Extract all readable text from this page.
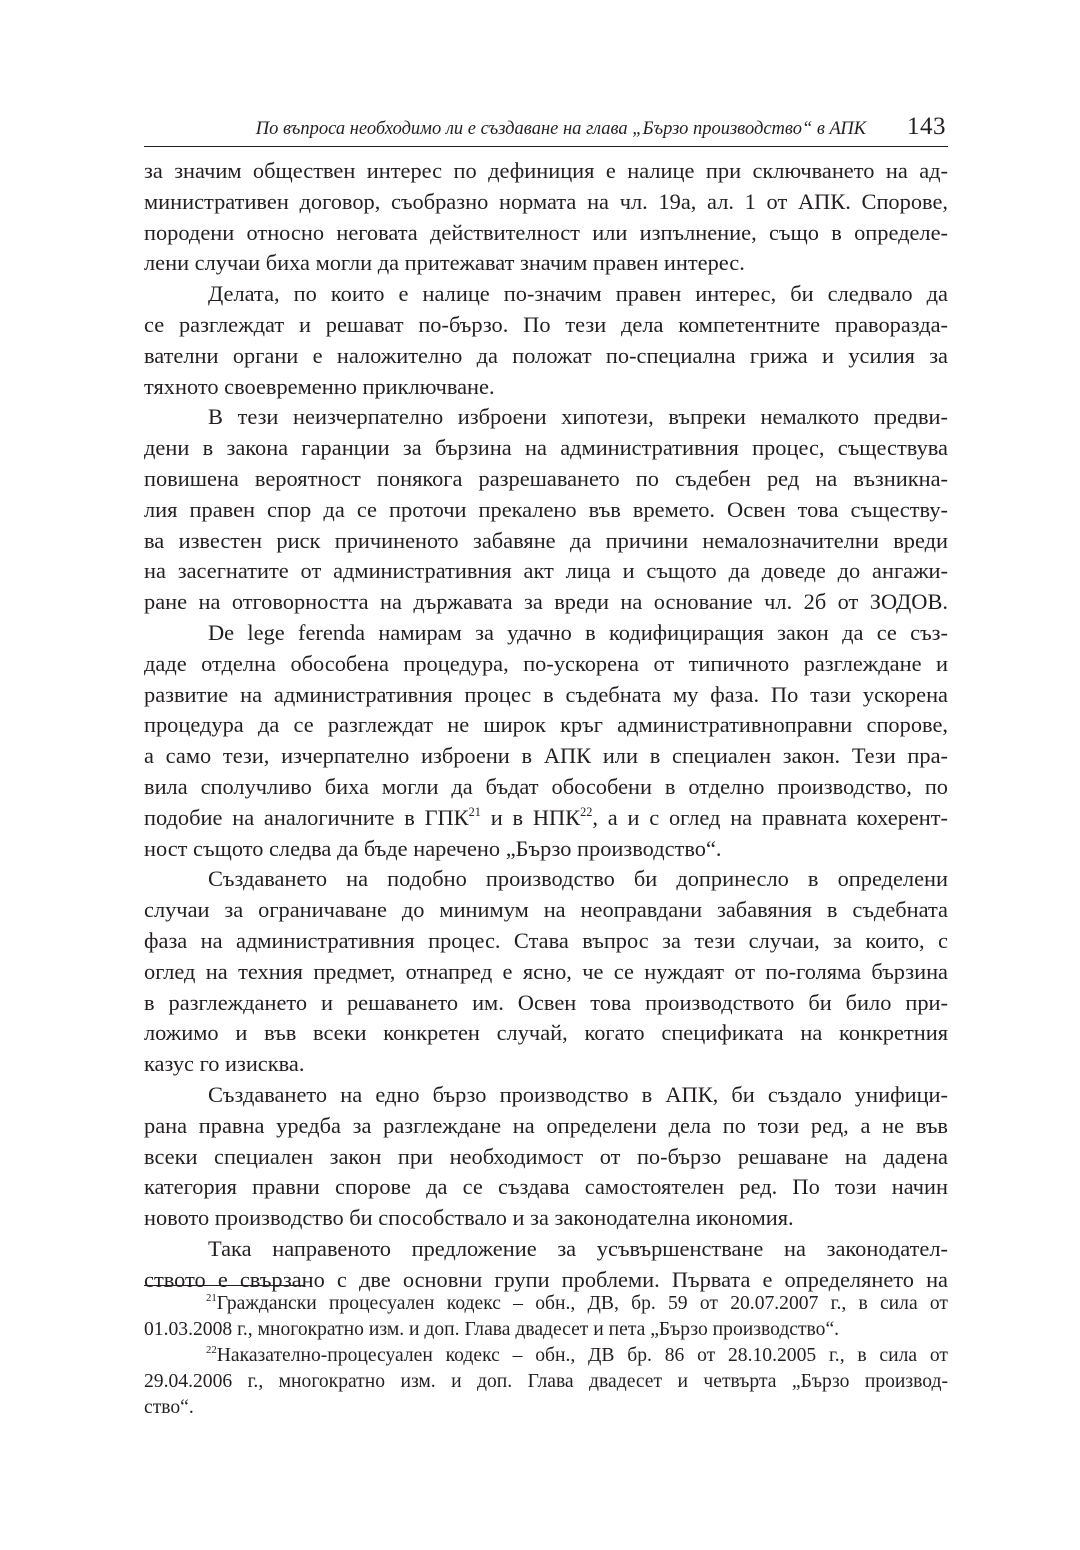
По въпроса необходимо ли е създаване на глава „Бързо производство“ в АПК 143
за значим обществен интерес по дефиниция е налице при сключването на ад-
министративен договор, съобразно нормата на чл. 19а, ал. 1 от АПК. Спорове,
породени относно неговата действителност или изпълнение, също в определе-
лени случаи биха могли да притежават значим правен интерес.
Делата, по които е налице по-значим правен интерес, би следвало да
се разглеждат и решават по-бързо. По тези дела компетентните праворазда-
вателни органи е наложително да положат по-специална грижа и усилия за
тяхното своевременно приключване.
В тези неизчерпателно изброени хипотези, въпреки немалкото предви-
дени в закона гаранции за бързина на административния процес, съществува
повишена вероятност понякога разрешаването по съдебен ред на възникна-
лия правен спор да се проточи прекалено във времето. Освен това съществу-
ва известен риск причиненото забавяне да причини немалозначителни вреди
на засегнатите от административния акт лица и същото да доведе до ангажи-
ране на отговорността на държавата за вреди на основание чл. 2б от ЗОДОВ.
De lege ferenda намирам за удачно в кодифициращия закон да се съз-
даде отделна обособена процедура, по-ускорена от типичното разглеждане и
развитие на административния процес в съдебната му фаза. По тази ускорена
процедура да се разглеждат не широк кръг административноправни спорове,
а само тези, изчерпателно изброени в АПК или в специален закон. Тези пра-
вила сполучливо биха могли да бъдат обособени в отделно производство, по
подобие на аналогичните в ГПК$^{21}$ и в НПК$^{22}$, а и с оглед на правната кохерент-
ност същото следва да бъде наречено „Бързо производство“.
Създаването на подобно производство би допринесло в определени
случаи за ограничаване до минимум на неоправдани забавяния в съдебната
фаза на административния процес. Става въпрос за тези случаи, за които, с
оглед на техния предмет, отнапред е ясно, че се нуждаят от по-голяма бързина
в разглеждането и решаването им. Освен това производството би било при-
ложимо и във всеки конкретен случай, когато спецификата на конкретния
казус го изисква.
Създаването на едно бързо производство в АПК, би създало унифици-
рана правна уредба за разглеждане на определени дела по този ред, а не във
всеки специален закон при необходимост от по-бързо решаване на дадена
категория правни спорове да се създава самостоятелен ред. По този начин
новото производство би способствало и за законодателна икономия.
Така направеното предложение за усъвършенстване на законодател-
ството е свързано с две основни групи проблеми. Първата е определянето на
$^{21}$Граждански процесуален кодекс – обн., ДВ, бр. 59 от 20.07.2007 г., в сила от
01.03.2008 г., многократно изм. и доп. Глава двадесет и пета „Бързо производство“.
$^{22}$Наказателно-процесуален кодекс – обн., ДВ бр. 86 от 28.10.2005 г., в сила от
29.04.2006 г., многократно изм. и доп. Глава двадесет и четвърта „Бързо производ-
ство“.
